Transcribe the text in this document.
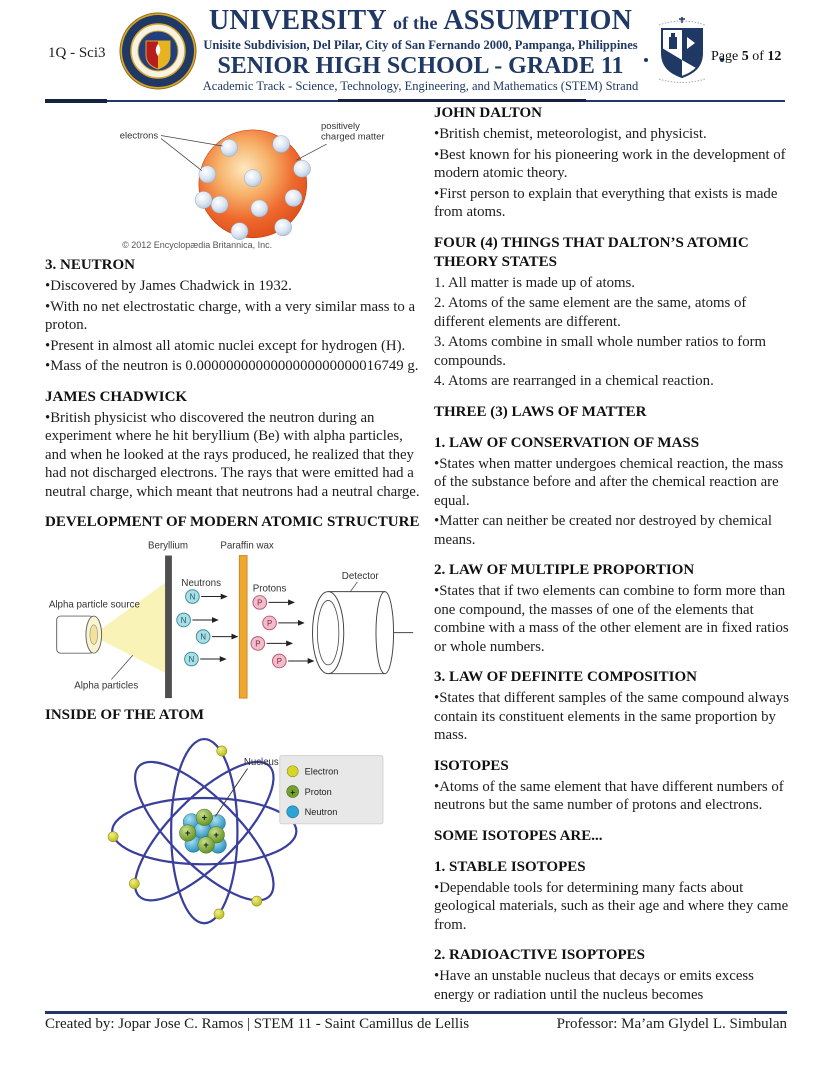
1Q - Sci3
UNIVERSITY of the ASSUMPTION
Unisite Subdivision, Del Pilar, City of San Fernando 2000, Pampanga, Philippines
SENIOR HIGH SCHOOL - GRADE 11
Academic Track - Science, Technology, Engineering, and Mathematics (STEM) Strand
Page 5 of 12
electrons
positively
charged matter
© 2012 Encyclopædia Britannica, Inc.
3. NEUTRON

• Discovered by James Chadwick in 1932.

• With no net electrostatic charge, with a very similar mass to a proton.

• Present in almost all atomic nuclei except for hydrogen (H).

• Mass of the neutron is 0.0000000000000000000000016749 g.

JAMES CHADWICK

• British physicist who discovered the neutron during an experiment where he hit beryllium (Be) with alpha particles, and when he looked at the rays produced, he realized that they had not discharged electrons. The rays that were emitted had a neutral charge, which meant that neutrons had a neutral charge.

DEVELOPMENT OF MODERN ATOMIC STRUCTURE
Beryllium	Paraffin wax
Alpha particle source
Alpha particles
Neutrons
N
N
N
N
Protons
P
P
P
P
Detector
INSIDE OF THE ATOM
+
+ +
+
Nucleus
Electron
+ Proton
Neutron
JOHN DALTON

• British chemist, meteorologist, and physicist.

• Best known for his pioneering work in the development of modern atomic theory.

• First person to explain that everything that exists is made from atoms.

FOUR (4) THINGS THAT DALTON’S ATOMIC THEORY STATES

1. All matter is made up of atoms.

2. Atoms of the same element are the same, atoms of different elements are different.

3. Atoms combine in small whole number ratios to form compounds.

4. Atoms are rearranged in a chemical reaction.

THREE (3) LAWS OF MATTER
1. LAW OF CONSERVATION OF MASS

• States when matter undergoes chemical reaction, the mass of the substance before and after the chemical reaction are equal.

• Matter can neither be created nor destroyed by chemical means.

2. LAW OF MULTIPLE PROPORTION

• States that if two elements can combine to form more than one compound, the masses of one of the elements that combine with a mass of the other element are in fixed ratios or whole numbers.

3. LAW OF DEFINITE COMPOSITION

• States that different samples of the same compound always contain its constituent elements in the same proportion by mass.

ISOTOPES

• Atoms of the same element that have different numbers of neutrons but the same number of protons and electrons.

SOME ISOTOPES ARE...
1. STABLE ISOTOPES

• Dependable tools for determining many facts about geological materials, such as their age and where they came from.

2. RADIOACTIVE ISOPTOPES

• Have an unstable nucleus that decays or emits excess energy or radiation until the nucleus becomes

Created by: Jopar Jose C. Ramos | STEM 11 - Saint Camillus de Lellis	Professor: Ma’am Glydel L. Simbulan
